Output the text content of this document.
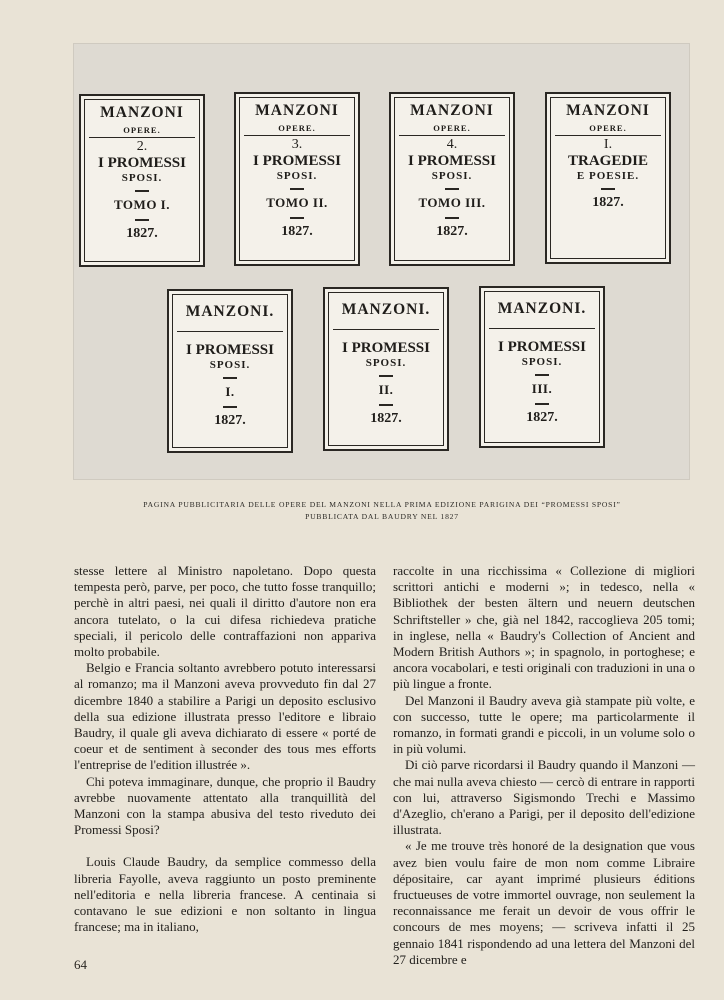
MANZONI
OPERE.
2.
I PROMESSI
SPOSI.
TOMO I.
1827.
MANZONI
OPERE.
3.
I PROMESSI
SPOSI.
TOMO II.
1827.
MANZONI
OPERE.
4.
I PROMESSI
SPOSI.
TOMO III.
1827.
MANZONI
OPERE.
I.
TRAGEDIE
E POESIE.
1827.
MANZONI.
I PROMESSI
SPOSI.
I.
1827.
MANZONI.
I PROMESSI
SPOSI.
II.
1827.
MANZONI.
I PROMESSI
SPOSI.
III.
1827.
PAGINA PUBBLICITARIA DELLE OPERE DEL MANZONI NELLA PRIMA EDIZIONE PARIGINA DEI “PROMESSI SPOSI”
PUBBLICATA DAL BAUDRY NEL 1827

stesse lettere al Ministro napoletano. Dopo questa tempesta però, parve, per poco, che tutto fosse tranquillo; perchè in altri paesi, nei quali il diritto d'autore non era ancora tutelato, o la cui difesa richiedeva pratiche speciali, il pericolo delle contraffazioni non appariva molto probabile.

Belgio e Francia soltanto avrebbero potuto interessarsi al romanzo; ma il Manzoni aveva provveduto fin dal 27 dicembre 1840 a stabilire a Parigi un deposito esclusivo della sua edizione illustrata presso l'editore e libraio Baudry, il quale gli aveva dichiarato di essere « porté de coeur et de sentiment à seconder des tous mes efforts l'entreprise de l'edition illustrée ».

Chi poteva immaginare, dunque, che proprio il Baudry avrebbe nuovamente attentato alla tranquillità del Manzoni con la stampa abusiva del testo riveduto dei Promessi Sposi?

Louis Claude Baudry, da semplice commesso della libreria Fayolle, aveva raggiunto un posto preminente nell'editoria e nella libreria francese. A centinaia si contavano le sue edizioni e non soltanto in lingua francese; ma in italiano,

raccolte in una ricchissima « Collezione di migliori scrittori antichi e moderni »; in tedesco, nella « Bibliothek der besten ältern und neuern deutschen Schriftsteller » che, già nel 1842, raccoglieva 205 tomi; in inglese, nella « Baudry's Collection of Ancient and Modern British Authors »; in spagnolo, in portoghese; e ancora vocabolari, e testi originali con traduzioni in una o più lingue a fronte.

Del Manzoni il Baudry aveva già stampate più volte, e con successo, tutte le opere; ma particolarmente il romanzo, in formati grandi e piccoli, in un volume solo o in più volumi.

Di ciò parve ricordarsi il Baudry quando il Manzoni — che mai nulla aveva chiesto — cercò di entrare in rapporti con lui, attraverso Sigismondo Trechi e Massimo d'Azeglio, ch'erano a Parigi, per il deposito dell'edizione illustrata.

« Je me trouve très honoré de la designation que vous avez bien voulu faire de mon nom comme Libraire dépositaire, car ayant imprimé plusieurs éditions fructueuses de votre immortel ouvrage, non seulement la reconnaissance me ferait un devoir de vous offrir le concours de mes moyens; — scriveva infatti il 25 gennaio 1841 rispondendo ad una lettera del Manzoni del 27 dicembre e

64
